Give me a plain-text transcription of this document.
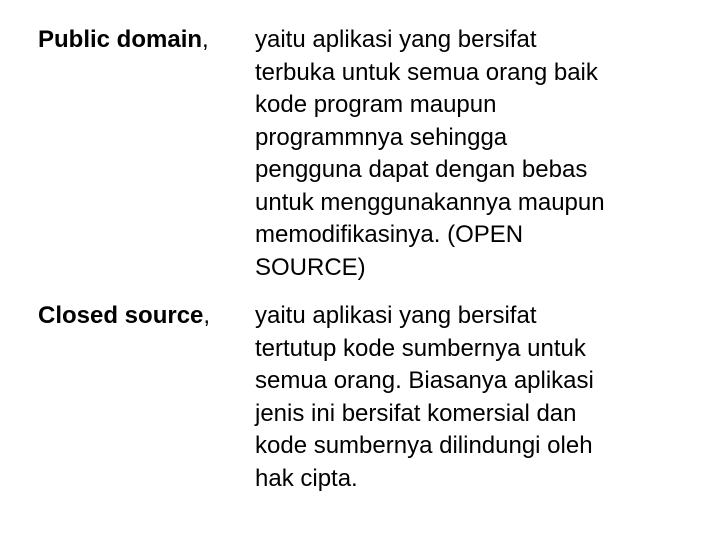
Public domain,	yaitu aplikasi yang bersifat
terbuka untuk semua orang baik
kode program maupun
programmnya sehingga
pengguna dapat dengan bebas
untuk menggunakannya maupun
memodifikasinya. (OPEN
SOURCE)
Closed source,	yaitu aplikasi yang bersifat
tertutup kode sumbernya untuk
semua orang. Biasanya aplikasi
jenis ini bersifat komersial dan
kode sumbernya dilindungi oleh
hak cipta.
